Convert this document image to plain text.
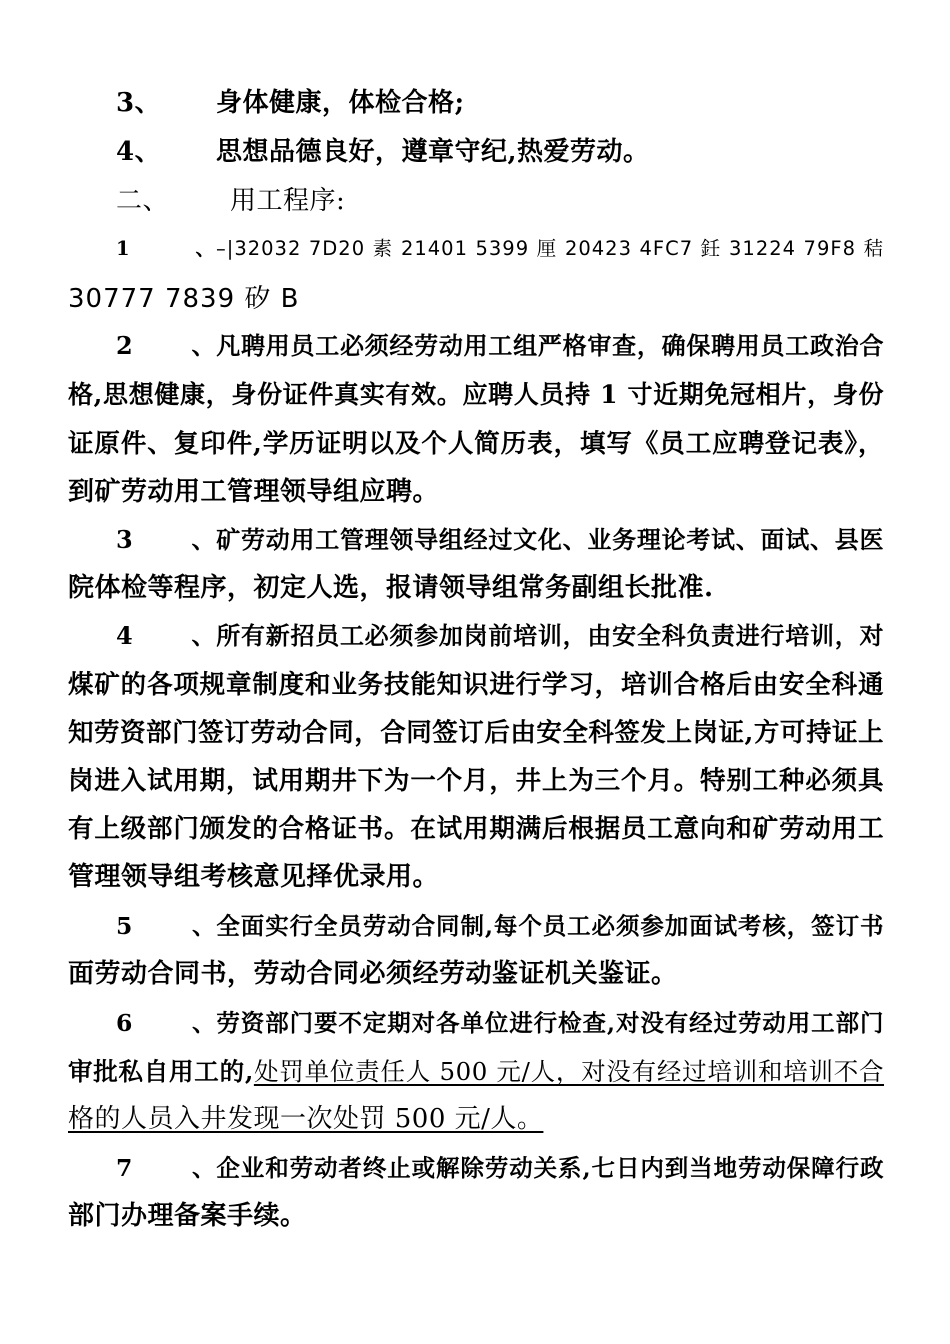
3、 身体健康，体检合格;
4、 思想品德良好，遵章守纪,热爱劳动。
二、 用工程序:
1、–|32032 7D20 素 21401 5399 厘 20423 4FC7 鈓 31224 79F8 秸
30777 7839 矽 B
2、凡聘用员工必须经劳动用工组严格审查，确保聘用员工政治合
格,思想健康，身份证件真实有效。应聘人员持 1 寸近期免冠相片，身份
证原件、复印件,学历证明以及个人简历表，填写《员工应聘登记表》，
到矿劳动用工管理领导组应聘。
3、矿劳动用工管理领导组经过文化、业务理论考试、面试、县医
院体检等程序，初定人选，报请领导组常务副组长批准.
4、所有新招员工必须参加岗前培训，由安全科负责进行培训，对
煤矿的各项规章制度和业务技能知识进行学习，培训合格后由安全科通
知劳资部门签订劳动合同，合同签订后由安全科签发上岗证,方可持证上
岗进入试用期，试用期井下为一个月，井上为三个月。特别工种必须具
有上级部门颁发的合格证书。在试用期满后根据员工意向和矿劳动用工
管理领导组考核意见择优录用。
5、全面实行全员劳动合同制,每个员工必须参加面试考核，签订书
面劳动合同书，劳动合同必须经劳动鉴证机关鉴证。
6、劳资部门要不定期对各单位进行检查,对没有经过劳动用工部门
审批私自用工的,处罚单位责任人 500 元/人，对没有经过培训和培训不合
格的人员入井发现一次处罚 500 元/人。
7、企业和劳动者终止或解除劳动关系,七日内到当地劳动保障行政
部门办理备案手续。
